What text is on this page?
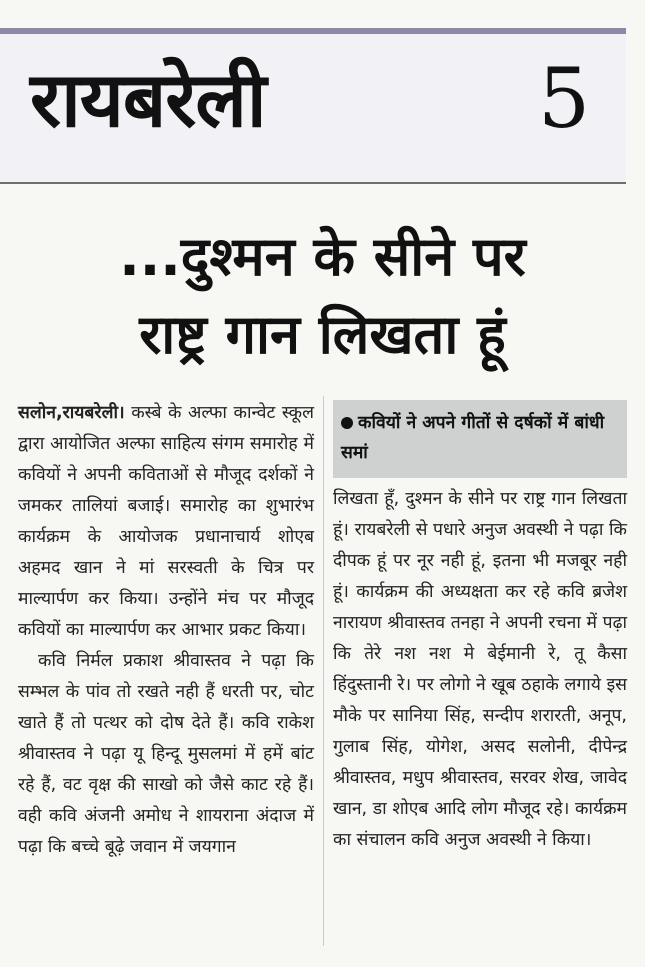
रायबरेली	5
...दुश्मन के सीने पर
राष्ट्र गान लिखता हूं

सलोन,रायबरेली। कस्बे के अल्फा कान्वेट स्कूल द्वारा आयोजित अल्फा साहित्य संगम समारोह में कवियों ने अपनी कविताओं से मौजूद दर्शकों ने जमकर तालियां बजाई। समारोह का शुभारंभ कार्यक्रम के आयोजक प्रधानाचार्य शोएब अहमद खान ने मां सरस्वती के चित्र पर माल्यार्पण कर किया। उन्होंने मंच पर मौजूद कवियों का माल्यार्पण कर आभार प्रकट किया।

कवि निर्मल प्रकाश श्रीवास्तव ने पढ़ा कि सम्भल के पांव तो रखते नही हैं धरती पर, चोट खाते हैं तो पत्थर को दोष देते हैं। कवि राकेश श्रीवास्तव ने पढ़ा यू हिन्दू मुसलमां में हमें बांट रहे हैं, वट वृक्ष की साखो को जैसे काट रहे हैं। वही कवि अंजनी अमोध ने शायराना अंदाज में पढ़ा कि बच्चे बूढ़े जवान में जयगान

कवियों ने अपने गीतों से दर्षकों में बांधी समां

लिखता हूँ, दुश्मन के सीने पर राष्ट्र गान लिखता हूं। रायबरेली से पधारे अनुज अवस्थी ने पढ़ा कि दीपक हूं पर नूर नही हूं, इतना भी मजबूर नही हूं। कार्यक्रम की अध्यक्षता कर रहे कवि ब्रजेश नारायण श्रीवास्तव तनहा ने अपनी रचना में पढ़ा कि तेरे नश नश मे बेईमानी रे, तू कैसा हिंदुस्तानी रे। पर लोगो ने खूब ठहाके लगाये इस मौके पर सानिया सिंह, सन्दीप शरारती, अनूप, गुलाब सिंह, योगेश, असद सलोनी, दीपेन्द्र श्रीवास्तव, मधुप श्रीवास्तव, सरवर शेख, जावेद खान, डा शोएब आदि लोग मौजूद रहे। कार्यक्रम का संचालन कवि अनुज अवस्थी ने किया।
